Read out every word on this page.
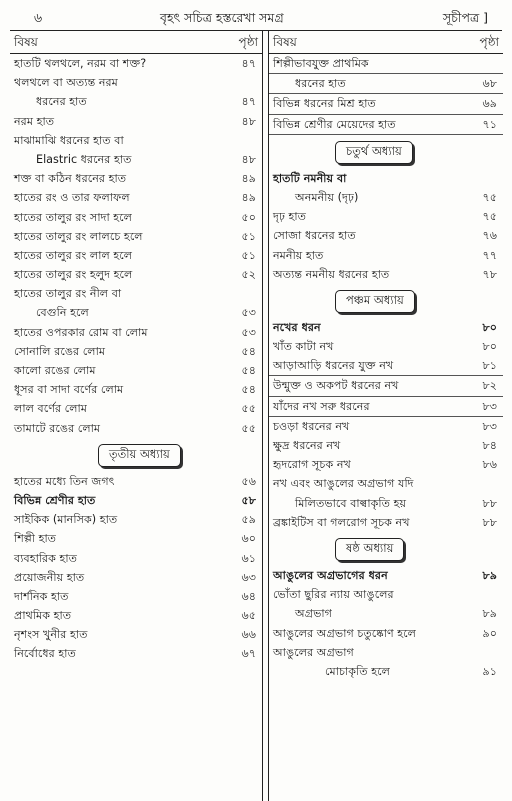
৬	বৃহৎ সচিত্র হস্তরেখা সমগ্র	সূচীপত্র ]
বিষয়	পৃষ্ঠা
হাতটি থলথলে, নরম বা শক্ত?	৪৭
থলথলে বা অত্যন্ত নরম
ধরনের হাত	৪৭
নরম হাত	৪৮
মাঝামাঝি ধরনের হাত বা
Elastric ধরনের হাত	৪৮
শক্ত বা কঠিন ধরনের হাত	৪৯
হাতের রং ও তার ফলাফল	৪৯
হাতের তালুর রং সাদা হলে	৫০
হাতের তালুর রং লালচে হলে	৫১
হাতের তালুর রং লাল হলে	৫১
হাতের তালুর রং হলুদ হলে	৫২
হাতের তালুর রং নীল বা
বেগুনি হলে	৫৩
হাতের ওপরকার রোম বা লোম	৫৩
সোনালি রঙের লোম	৫৪
কালো রঙের লোম	৫৪
ধূসর বা সাদা বর্ণের লোম	৫৪
লাল বর্ণের লোম	৫৫
তামাটে রঙের লোম	৫৫
তৃতীয় অধ্যায়
হাতের মধ্যে তিন জগৎ	৫৬
বিভিন্ন শ্রেণীর হাত	৫৮
সাইকিক (মানসিক) হাত	৫৯
শিল্পী হাত	৬০
ব্যবহারিক হাত	৬১
প্রয়োজনীয় হাত	৬৩
দার্শনিক হাত	৬৪
প্রাথমিক হাত	৬৫
নৃশংস খুনীর হাত	৬৬
নির্বোধের হাত	৬৭
বিষয়	পৃষ্ঠা
শিল্পীভাবযুক্ত প্রাথমিক
ধরনের হাত	৬৮
বিভিন্ন ধরনের মিশ্র হাত	৬৯
বিভিন্ন শ্রেণীর মেয়েদের হাত	৭১
চতুর্থ অধ্যায়
হাতটি নমনীয় বা
অনমনীয় (দৃঢ়)	৭৫
দৃঢ় হাত	৭৫
সোজা ধরনের হাত	৭৬
নমনীয় হাত	৭৭
অত্যন্ত নমনীয় ধরনের হাত	৭৮
পঞ্চম অধ্যায়
নখের ধরন	৮০
খাঁত কাটা নখ	৮০
আড়াআড়ি ধরনের যুক্ত নখ	৮১
উন্মুক্ত ও অকপট ধরনের নখ	৮২
যাঁদের নখ সরু ধরনের	৮৩
চওড়া ধরনের নখ	৮৩
ক্ষুদ্র ধরনের নখ	৮৪
হৃদরোগ সূচক নখ	৮৬
নখ এবং আঙুলের অগ্রভাগ যদি
মিলিতভাবে বাল্বাকৃতি হয়	৮৮
ব্রঙ্কাইটিস বা গলরোগ সূচক নখ	৮৮
ষষ্ঠ অধ্যায়
আঙুলের অগ্রভাগের ধরন	৮৯
ভোঁতা ছুরির ন্যায় আঙুলের
অগ্রভাগ	৮৯
আঙুলের অগ্রভাগ চতুষ্কোণ হলে	৯০
আঙুলের অগ্রভাগ
মোচাকৃতি হলে	৯১
